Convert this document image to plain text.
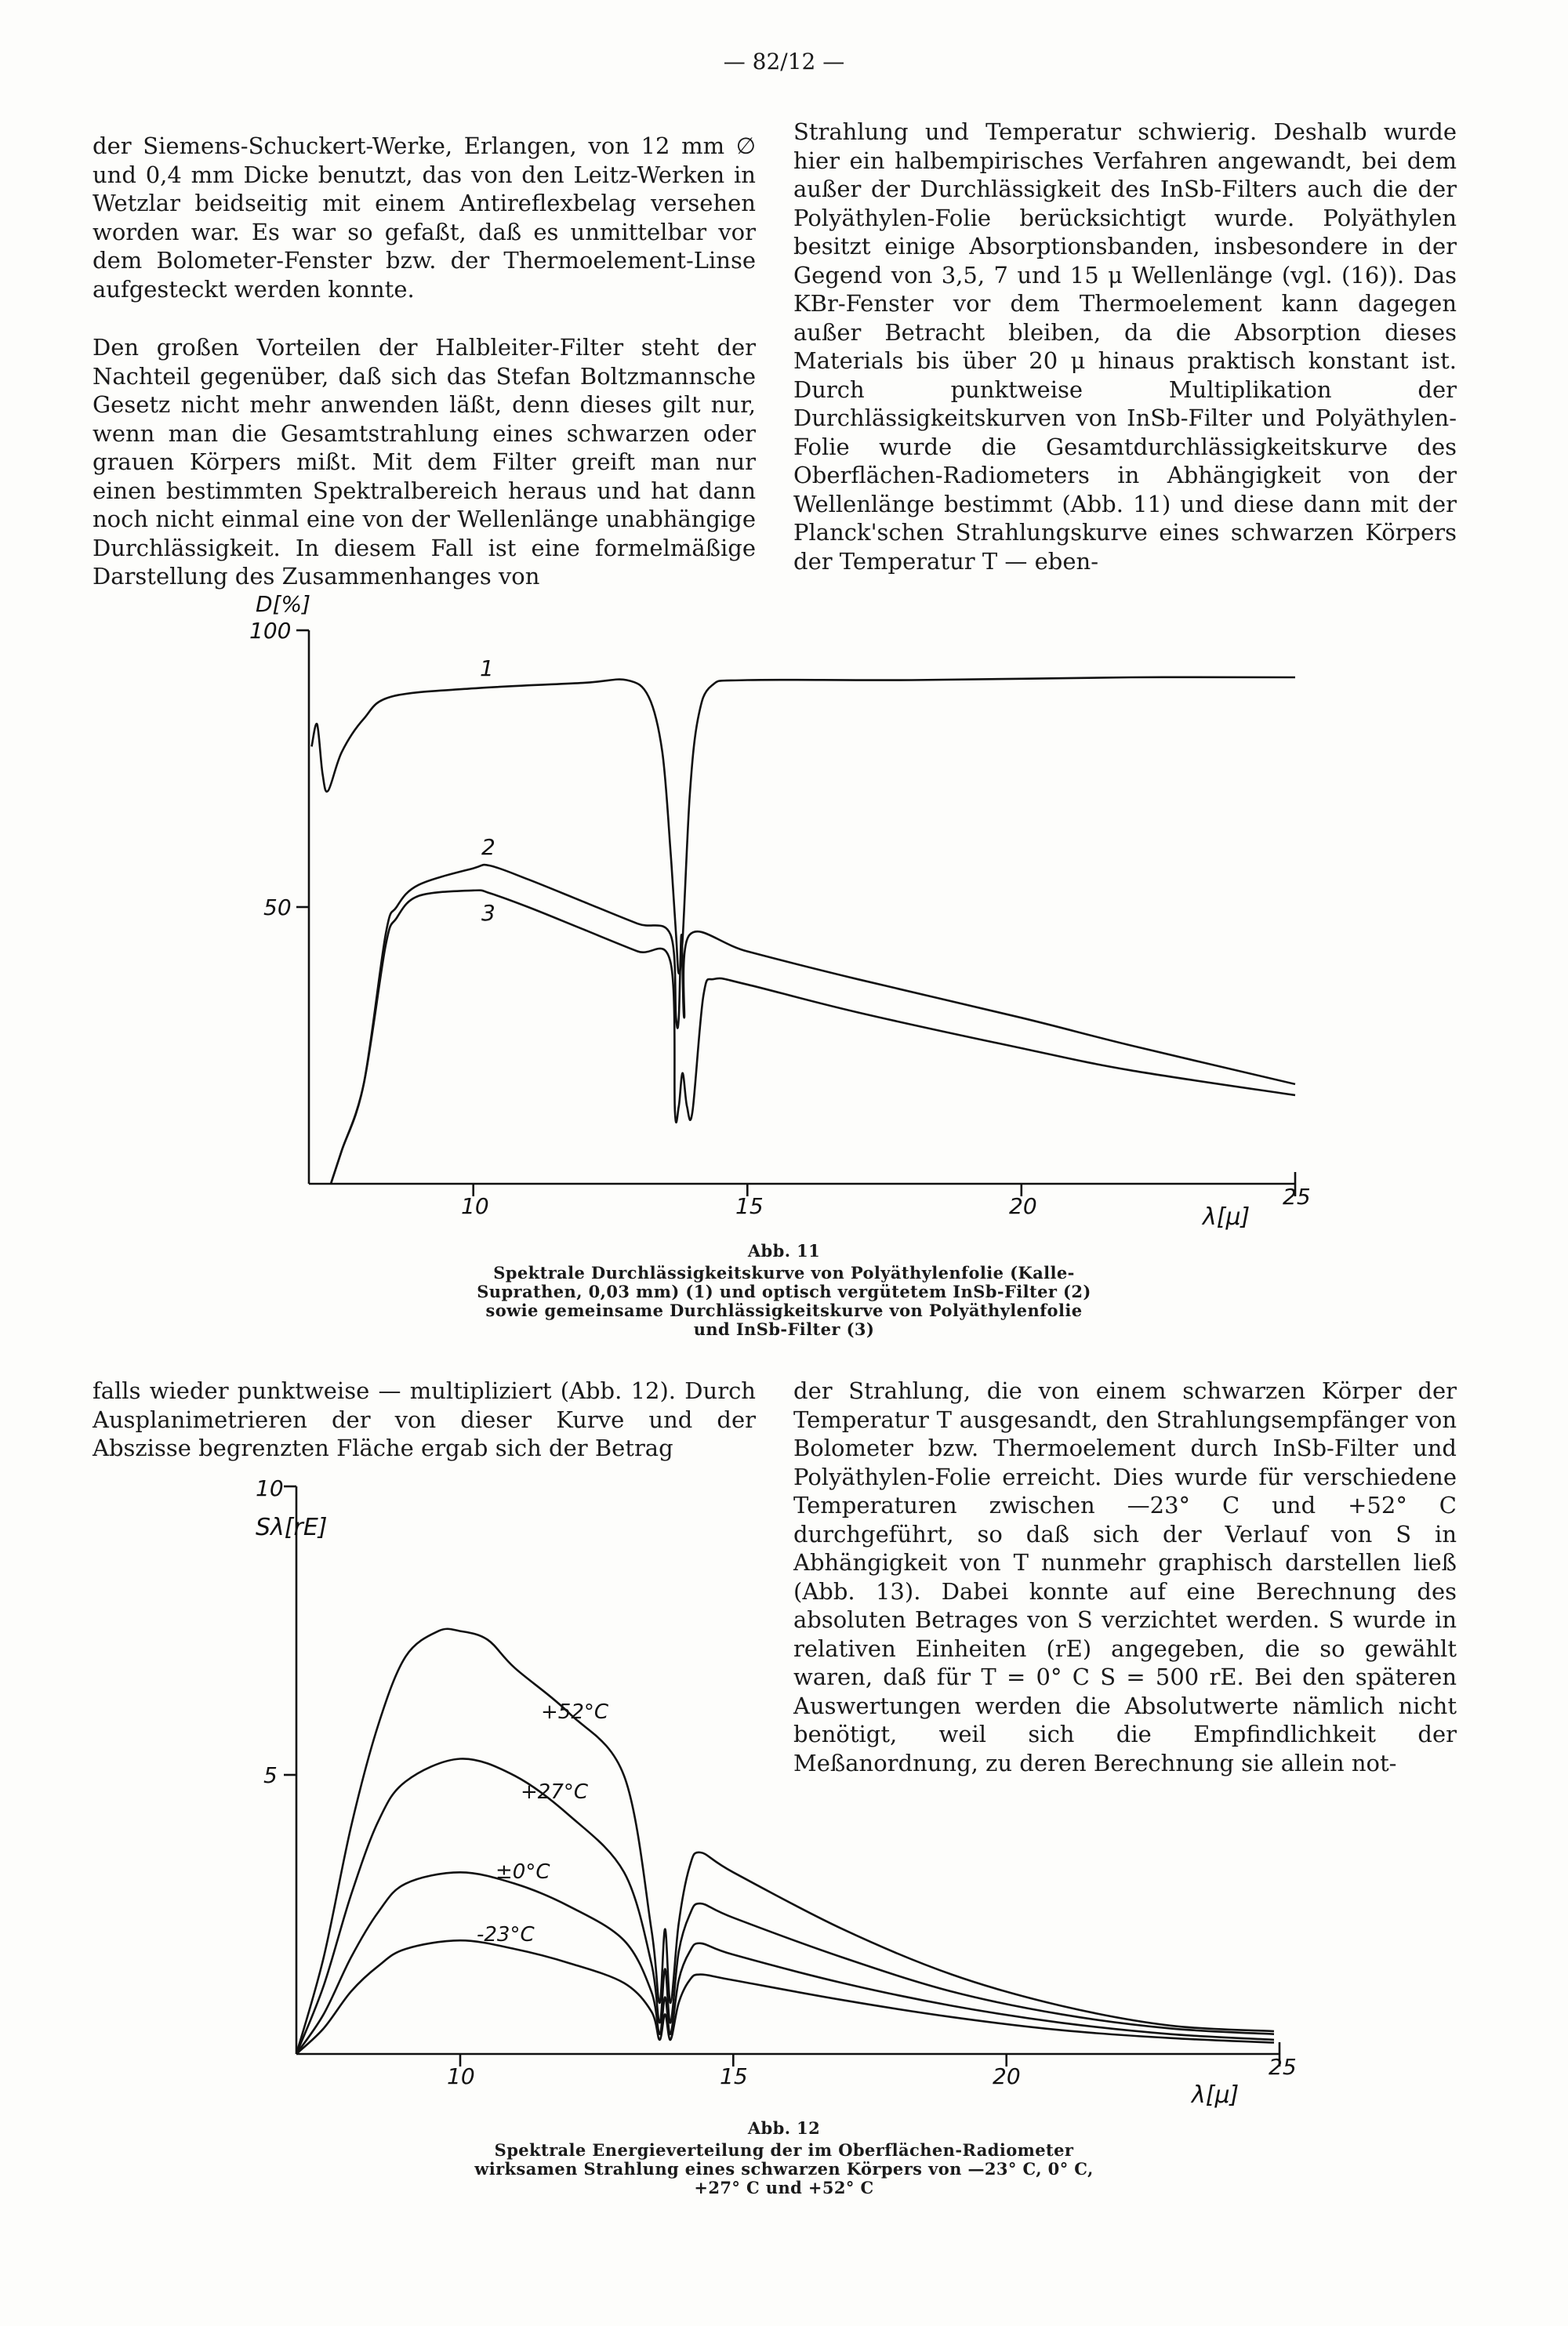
— 82/12 —

der Siemens-Schuckert-Werke, Erlangen, von 12 mm ∅ und 0,4 mm Dicke benutzt, das von den Leitz-Werken in Wetzlar beidseitig mit einem Antireflexbelag versehen worden war. Es war so gefaßt, daß es unmittelbar vor dem Bolometer-Fenster bzw. der Thermoelement-Linse aufgesteckt werden konnte.

Den großen Vorteilen der Halbleiter-Filter steht der Nachteil gegenüber, daß sich das Stefan Boltzmannsche Gesetz nicht mehr anwenden läßt, denn dieses gilt nur, wenn man die Gesamtstrahlung eines schwarzen oder grauen Körpers mißt. Mit dem Filter greift man nur einen bestimmten Spektralbereich heraus und hat dann noch nicht einmal eine von der Wellenlänge unabhängige Durchlässigkeit. In diesem Fall ist eine formelmäßige Darstellung des Zusammenhanges von

Strahlung und Temperatur schwierig. Deshalb wurde hier ein halbempirisches Verfahren angewandt, bei dem außer der Durchlässigkeit des InSb-Filters auch die der Polyäthylen-Folie berücksichtigt wurde. Polyäthylen besitzt einige Absorptionsbanden, insbesondere in der Gegend von 3,5, 7 und 15 μ Wellenlänge (vgl. (16)). Das KBr-Fenster vor dem Thermoelement kann dagegen außer Betracht bleiben, da die Absorption dieses Materials bis über 20 μ hinaus praktisch konstant ist. Durch punktweise Multiplikation der Durchlässigkeitskurven von InSb-Filter und Polyäthylen-Folie wurde die Gesamtdurchlässigkeitskurve des Oberflächen-Radiometers in Abhängigkeit von der Wellenlänge bestimmt (Abb. 11) und diese dann mit der Planck'schen Strahlungskurve eines schwarzen Körpers der Temperatur T — eben-

D[%]
100
50
10	15	20	25
λ[μ]
1
2
3
Abb. 11
Spektrale Durchlässigkeitskurve von Polyäthylenfolie (Kalle-
Suprathen, 0,03 mm) (1) und optisch vergütetem InSb-Filter (2)
sowie gemeinsame Durchlässigkeitskurve von Polyäthylenfolie
und InSb-Filter (3)

falls wieder punktweise — multipliziert (Abb. 12). Durch Ausplanimetrieren der von dieser Kurve und der Abszisse begrenzten Fläche ergab sich der Betrag

der Strahlung, die von einem schwarzen Körper der Temperatur T ausgesandt, den Strahlungsempfänger von Bolometer bzw. Thermoelement durch InSb-Filter und Polyäthylen-Folie erreicht. Dies wurde für verschiedene Temperaturen zwischen —23° C und +52° C durchgeführt, so daß sich der Verlauf von S in Abhängigkeit von T nunmehr graphisch darstellen ließ (Abb. 13). Dabei konnte auf eine Berechnung des absoluten Betrages von S verzichtet werden. S wurde in relativen Einheiten (rE) angegeben, die so gewählt waren, daß für T = 0° C S = 500 rE. Bei den späteren Auswertungen werden die Absolutwerte nämlich nicht benötigt, weil sich die Empfindlichkeit der Meßanordnung, zu deren Berechnung sie allein not-

10
Sλ[rE]
5
10	15	20	25
λ[μ]
+52°C
+27°C
±0°C
-23°C
Abb. 12
Spektrale Energieverteilung der im Oberflächen-Radiometer
wirksamen Strahlung eines schwarzen Körpers von —23° C, 0° C,
+27° C und +52° C
